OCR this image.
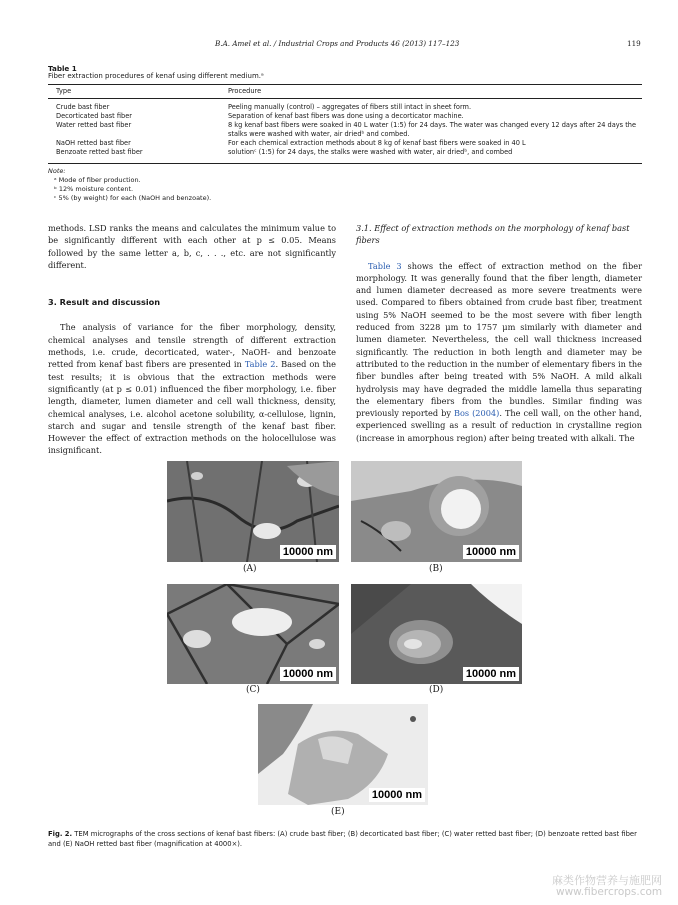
B.A. Amel et al. / Industrial Crops and Products 46 (2013) 117–123	119
Table 1
Fiber extraction procedures of kenaf using different medium.ᵃ
Type	Procedure
Crude bast fiber	Peeling manually (control) – aggregates of fibers still intact in sheet form.
Decorticated bast fiber	Separation of kenaf bast fibers was done using a decorticator machine.
Water retted bast fiber	8 kg kenaf bast fibers were soaked in 40 L water (1:5) for 24 days. The water was changed every 12 days after 24 days the stalks were washed with water, air driedᵇ and combed.
NaOH retted bast fiber	For each chemical extraction methods about 8 kg of kenaf bast fibers were soaked in 40 L
Benzoate retted bast fiber	solutionᶜ (1:5) for 24 days, the stalks were washed with water, air driedᵇ, and combed
Note:
ᵃ Mode of fiber production.
ᵇ 12% moisture content.
ᶜ 5% (by weight) for each (NaOH and benzoate).

methods. LSD ranks the means and calculates the minimum value to be significantly different with each other at p ≤ 0.05. Means followed by the same letter a, b, c, . . ., etc. are not significantly different.

3. Result and discussion

The analysis of variance for the fiber morphology, density, chemical analyses and tensile strength of different extraction methods, i.e. crude, decorticated, water-, NaOH- and benzoate retted from kenaf bast fibers are presented in Table 2. Based on the test results; it is obvious that the extraction methods were significantly (at p ≤ 0.01) influenced the fiber morphology, i.e. fiber length, diameter, lumen diameter and cell wall thickness, density, chemical analyses, i.e. alcohol acetone solubility, α-cellulose, lignin, starch and sugar and tensile strength of the kenaf bast fiber. However the effect of extraction methods on the holocellulose was insignificant.

3.1. Effect of extraction methods on the morphology of kenaf bast fibers

Table 3 shows the effect of extraction method on the fiber morphology. It was generally found that the fiber length, diameter and lumen diameter decreased as more severe treatments were used. Compared to fibers obtained from crude bast fiber, treatment using 5% NaOH seemed to be the most severe with fiber length reduced from 3228 μm to 1757 μm similarly with diameter and lumen diameter. Nevertheless, the cell wall thickness increased significantly. The reduction in both length and diameter may be attributed to the reduction in the number of elementary fibers in the fiber bundles after being treated with 5% NaOH. A mild alkali hydrolysis may have degraded the middle lamella thus separating the elementary fibers from the bundles. Similar finding was previously reported by Bos (2004). The cell wall, on the other hand, experienced swelling as a result of reduction in crystalline region (increase in amorphous region) after being treated with alkali. The

10000 nm	10000 nm
10000 nm	10000 nm
10000 nm
(A)	(B)
(C)	(D)
(E)
Fig. 2. TEM micrographs of the cross sections of kenaf bast fibers: (A) crude bast fiber; (B) decorticated bast fiber; (C) water retted bast fiber; (D) benzoate retted bast fiber and (E) NaOH retted bast fiber (magnification at 4000×).
麻类作物营养与施肥网
www.fibercrops.com
